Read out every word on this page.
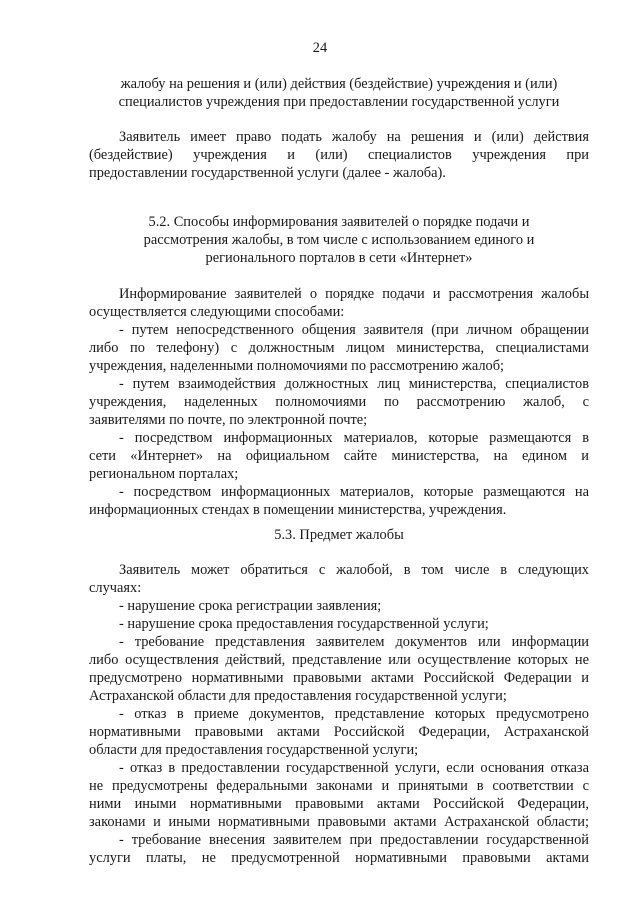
24
жалобу на решения и (или) действия (бездействие) учреждения и (или)
специалистов учреждения при предоставлении государственной услуги
Заявитель имеет право подать жалобу на решения и (или) действия
(бездействие) учреждения и (или) специалистов учреждения при
предоставлении государственной услуги (далее - жалоба).
5.2. Способы информирования заявителей о порядке подачи и
рассмотрения жалобы, в том числе с использованием единого и
регионального порталов в сети «Интернет»
Информирование заявителей о порядке подачи и рассмотрения жалобы
осуществляется следующими способами:
- путем непосредственного общения заявителя (при личном обращении
либо по телефону) с должностным лицом министерства, специалистами
учреждения, наделенными полномочиями по рассмотрению жалоб;
- путем взаимодействия должностных лиц министерства, специалистов
учреждения, наделенных полномочиями по рассмотрению жалоб, с
заявителями по почте, по электронной почте;
- посредством информационных материалов, которые размещаются в
сети «Интернет» на официальном сайте министерства, на едином и
региональном порталах;
- посредством информационных материалов, которые размещаются на
информационных стендах в помещении министерства, учреждения.
5.3. Предмет жалобы
Заявитель может обратиться с жалобой, в том числе в следующих
случаях:
- нарушение срока регистрации заявления;
- нарушение срока предоставления государственной услуги;
- требование представления заявителем документов или информации
либо осуществления действий, представление или осуществление которых не
предусмотрено нормативными правовыми актами Российской Федерации и
Астраханской области для предоставления государственной услуги;
- отказ в приеме документов, представление которых предусмотрено
нормативными правовыми актами Российской Федерации, Астраханской
области для предоставления государственной услуги;
- отказ в предоставлении государственной услуги, если основания отказа
не предусмотрены федеральными законами и принятыми в соответствии с
ними иными нормативными правовыми актами Российской Федерации,
законами и иными нормативными правовыми актами Астраханской области;
- требование внесения заявителем при предоставлении государственной
услуги платы, не предусмотренной нормативными правовыми актами
